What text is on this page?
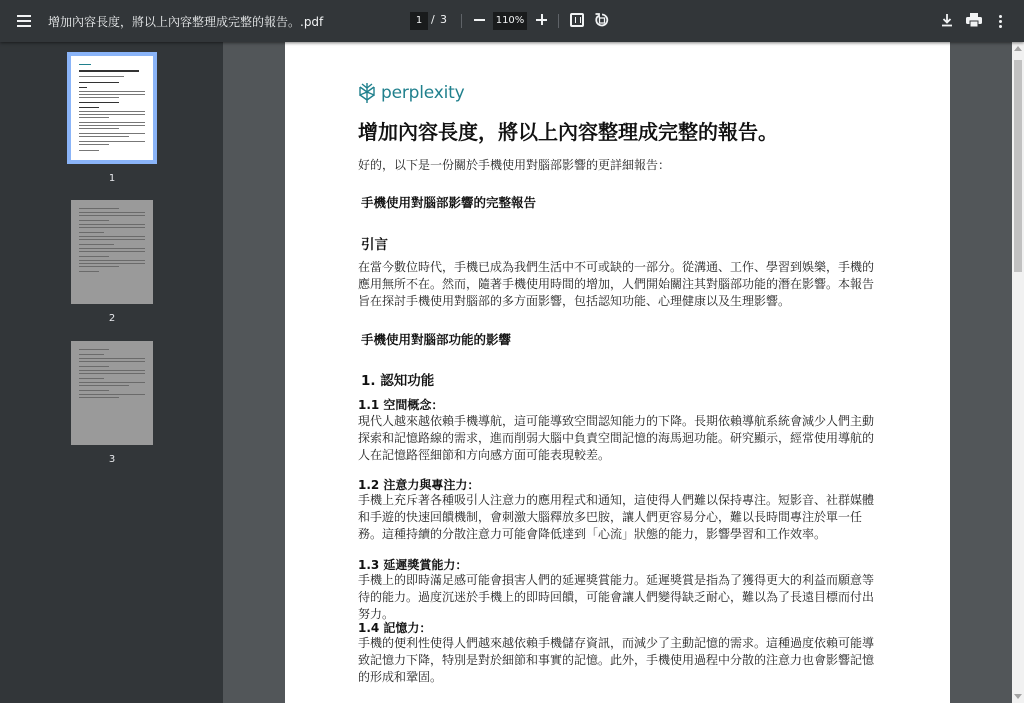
增加內容長度，將以上內容整理成完整的報告。.pdf	1 / 3	110%
1
2
3
perplexity
增加內容長度，將以上內容整理成完整的報告。
好的，以下是一份關於手機使用對腦部影響的更詳細報告：
手機使用對腦部影響的完整報告
引言
在當今數位時代，手機已成為我們生活中不可或缺的一部分。從溝通、工作、學習到娛樂，手機的應用無所不在。然而，隨著手機使用時間的增加，人們開始關注其對腦部功能的潛在影響。本報告旨在探討手機使用對腦部的多方面影響，包括認知功能、心理健康以及生理影響。
手機使用對腦部功能的影響
1. 認知功能
1.1 空間概念：
現代人越來越依賴手機導航，這可能導致空間認知能力的下降。長期依賴導航系統會減少人們主動探索和記憶路線的需求，進而削弱大腦中負責空間記憶的海馬迴功能。研究顯示，經常使用導航的人在記憶路徑細節和方向感方面可能表現較差。
1.2 注意力與專注力：
手機上充斥著各種吸引人注意力的應用程式和通知，這使得人們難以保持專注。短影音、社群媒體和手遊的快速回饋機制，會刺激大腦釋放多巴胺，讓人們更容易分心，難以長時間專注於單一任務。這種持續的分散注意力可能會降低達到「心流」狀態的能力，影響學習和工作效率。
1.3 延遲獎賞能力：
手機上的即時滿足感可能會損害人們的延遲獎賞能力。延遲獎賞是指為了獲得更大的利益而願意等待的能力。過度沉迷於手機上的即時回饋，可能會讓人們變得缺乏耐心，難以為了長遠目標而付出努力。
1.4 記憶力：
手機的便利性使得人們越來越依賴手機儲存資訊，而減少了主動記憶的需求。這種過度依賴可能導致記憶力下降，特別是對於細節和事實的記憶。此外，手機使用過程中分散的注意力也會影響記憶的形成和鞏固。
